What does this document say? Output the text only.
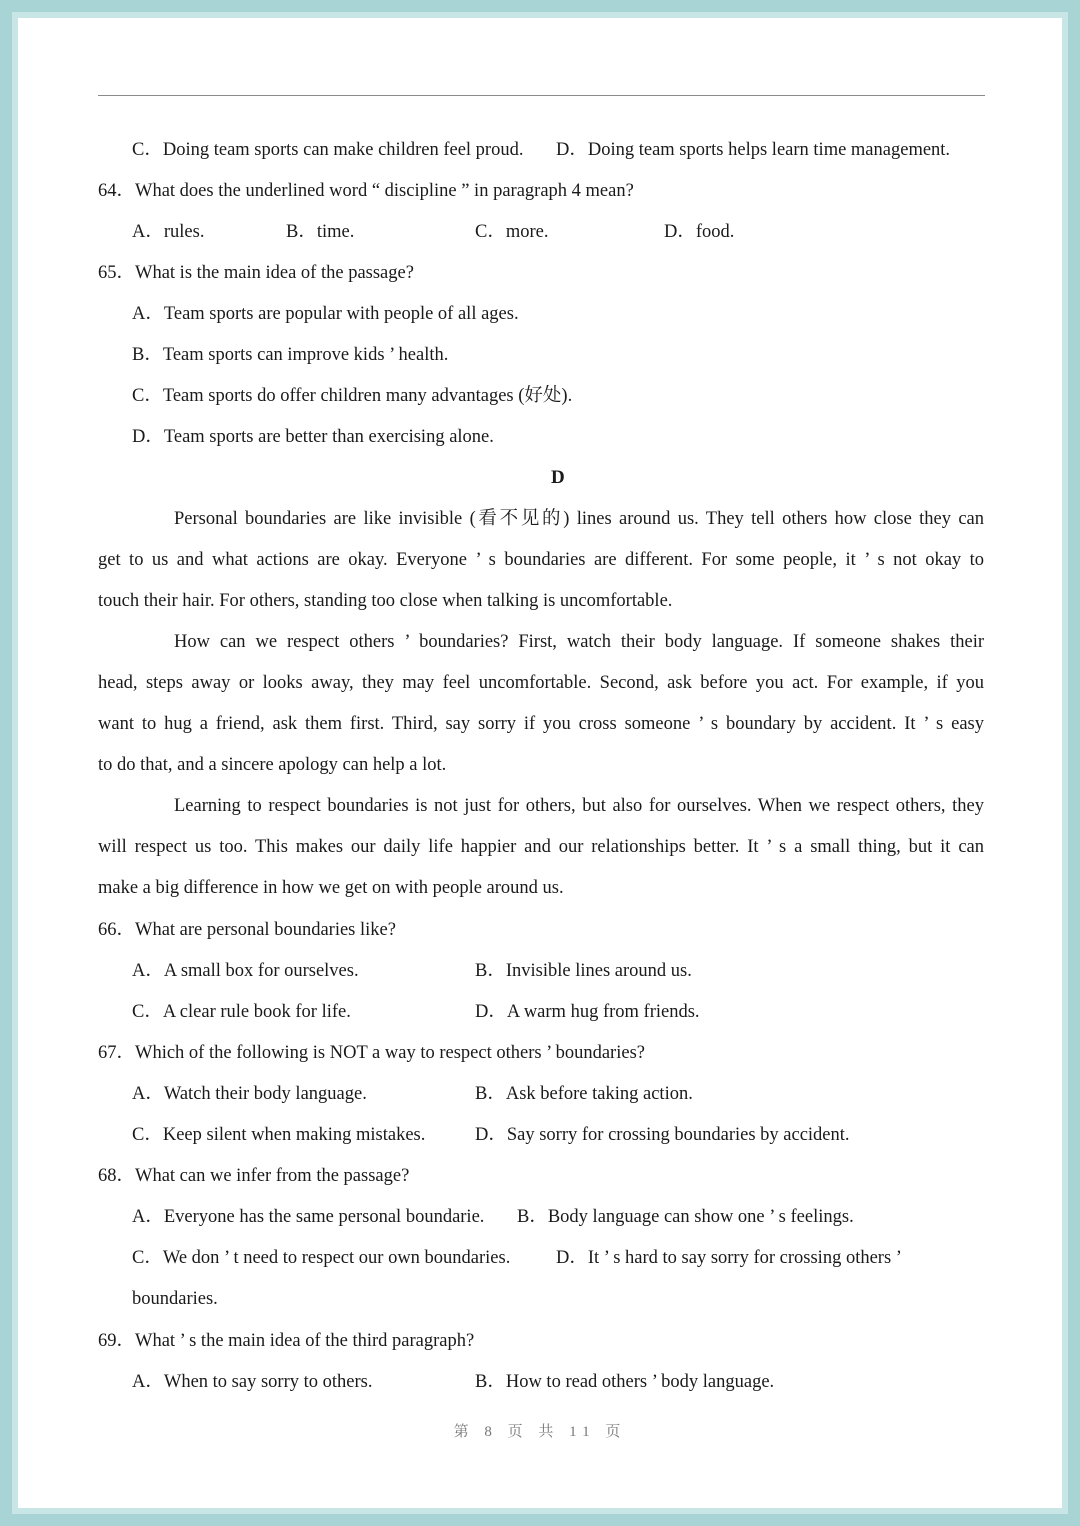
C．Doing team sports can make children feel proud. D．Doing team sports helps learn time management.
64．What does the underlined word “ discipline ” in paragraph 4 mean?
A．rules.	B．time.	C．more.	D．food.
65．What is the main idea of the passage?
A．Team sports are popular with people of all ages.
B．Team sports can improve kids ’ health.
C．Team sports do offer children many advantages (好处).
D．Team sports are better than exercising alone.
D
Personal boundaries are like invisible (看不见的) lines around us. They tell others how close they can
get to us and what actions are okay. Everyone ’ s boundaries are different. For some people, it ’ s not okay to
touch their hair. For others, standing too close when talking is uncomfortable.
How can we respect others ’ boundaries? First, watch their body language. If someone shakes their
head, steps away or looks away, they may feel uncomfortable. Second, ask before you act. For example, if you
want to hug a friend, ask them first. Third, say sorry if you cross someone ’ s boundary by accident. It ’ s easy
to do that, and a sincere apology can help a lot.
Learning to respect boundaries is not just for others, but also for ourselves. When we respect others, they
will respect us too. This makes our daily life happier and our relationships better. It ’ s a small thing, but it can
make a big difference in how we get on with people around us.
66．What are personal boundaries like?
A．A small box for ourselves.	B．Invisible lines around us.
C．A clear rule book for life.	D．A warm hug from friends.
67．Which of the following is NOT a way to respect others ’ boundaries?
A．Watch their body language.	B．Ask before taking action.
C．Keep silent when making mistakes.	D．Say sorry for crossing boundaries by accident.
68．What can we infer from the passage?
A．Everyone has the same personal boundarie. B．Body language can show one ’ s feelings.
C．We don ’ t need to respect our own boundaries. D．It ’ s hard to say sorry for crossing others ’
boundaries.
69．What ’ s the main idea of the third paragraph?
A．When to say sorry to others.	B．How to read others ’ body language.
第 8 页 共 11 页
